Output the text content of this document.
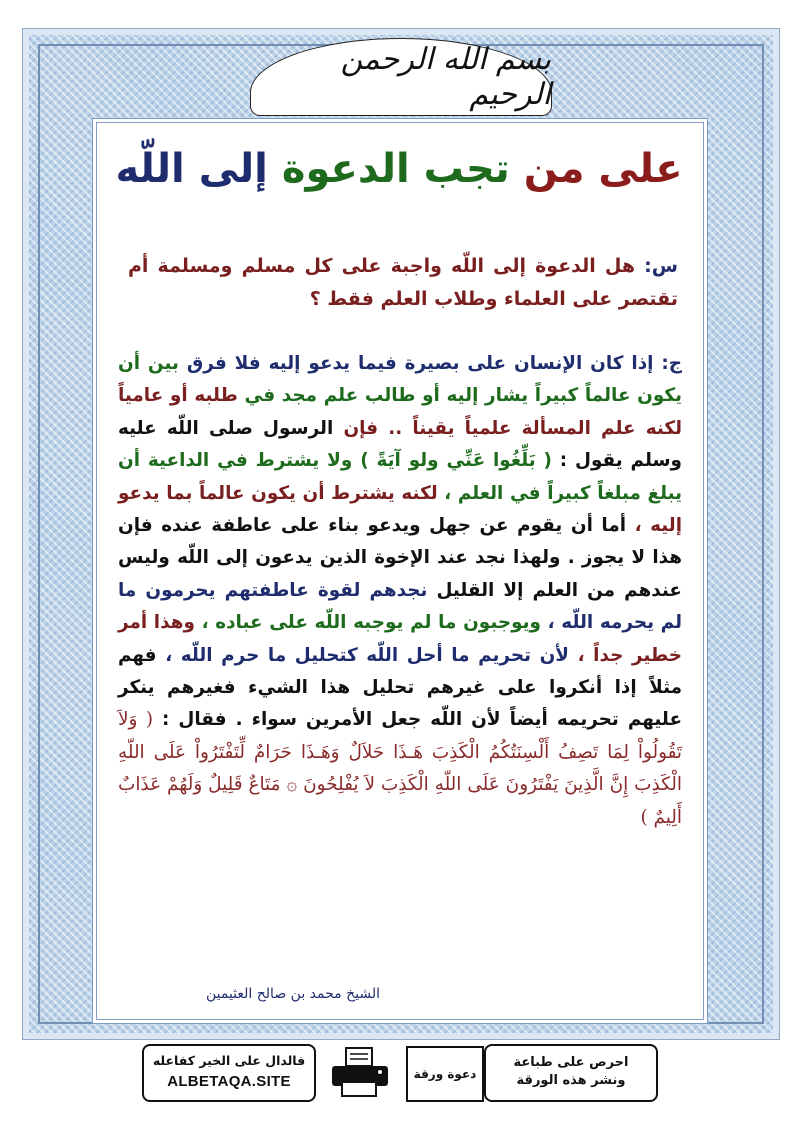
بسم الله الرحمن الرحيم
على من تجب الدعوة إلى اللّه
س: هل الدعوة إلى اللّه واجبة على كل مسلم ومسلمة أم تقتصر على العلماء وطلاب العلم فقط ؟
ج: إذا كان الإنسان على بصيرة فيما يدعو إليه فلا فرق بين أن يكون عالماً كبيراً يشار إليه أو طالب علم مجد في طلبه أو عامياً لكنه علم المسألة علمياً يقيناً .. فإن الرسول صلى اللّه عليه وسلم يقول : ( بَلِّغُوا عَنِّي ولو آيَةً ) ولا يشترط في الداعية أن يبلغ مبلغاً كبيراً في العلم ، لكنه يشترط أن يكون عالماً بما يدعو إليه ، أما أن يقوم عن جهل ويدعو بناء على عاطفة عنده فإن هذا لا يجوز . ولهذا نجد عند الإخوة الذين يدعون إلى اللّه وليس عندهم من العلم إلا القليل نجدهم لقوة عاطفتهم يحرمون ما لم يحرمه اللّه ، ويوجبون ما لم يوجبه اللّه على عباده ، وهذا أمر خطير جداً ، لأن تحريم ما أحل اللّه كتحليل ما حرم اللّه ، فهم مثلاً إذا أنكروا على غيرهم تحليل هذا الشيء فغيرهم ينكر عليهم تحريمه أيضاً لأن اللّه جعل الأمرين سواء . فقال : ( وَلاَ تَقُولُواْ لِمَا تَصِفُ أَلْسِنَتُكُمُ الْكَذِبَ هَـذَا حَلاَلٌ وَهَـذَا حَرَامٌ لِّتَفْتَرُواْ عَلَى اللّهِ الْكَذِبَ إِنَّ الَّذِينَ يَفْتَرُونَ عَلَى اللّهِ الْكَذِبَ لاَ يُفْلِحُونَ ۞ مَتَاعٌ قَلِيلٌ وَلَهُمْ عَذَابٌ أَلِيمٌ )
الشيخ محمد بن صالح العثيمين
فالدال على الخير كفاعله
ALBETAQA.SITE	دعوة ورقة
احرص على طباعة
ونشر هذه الورقة
